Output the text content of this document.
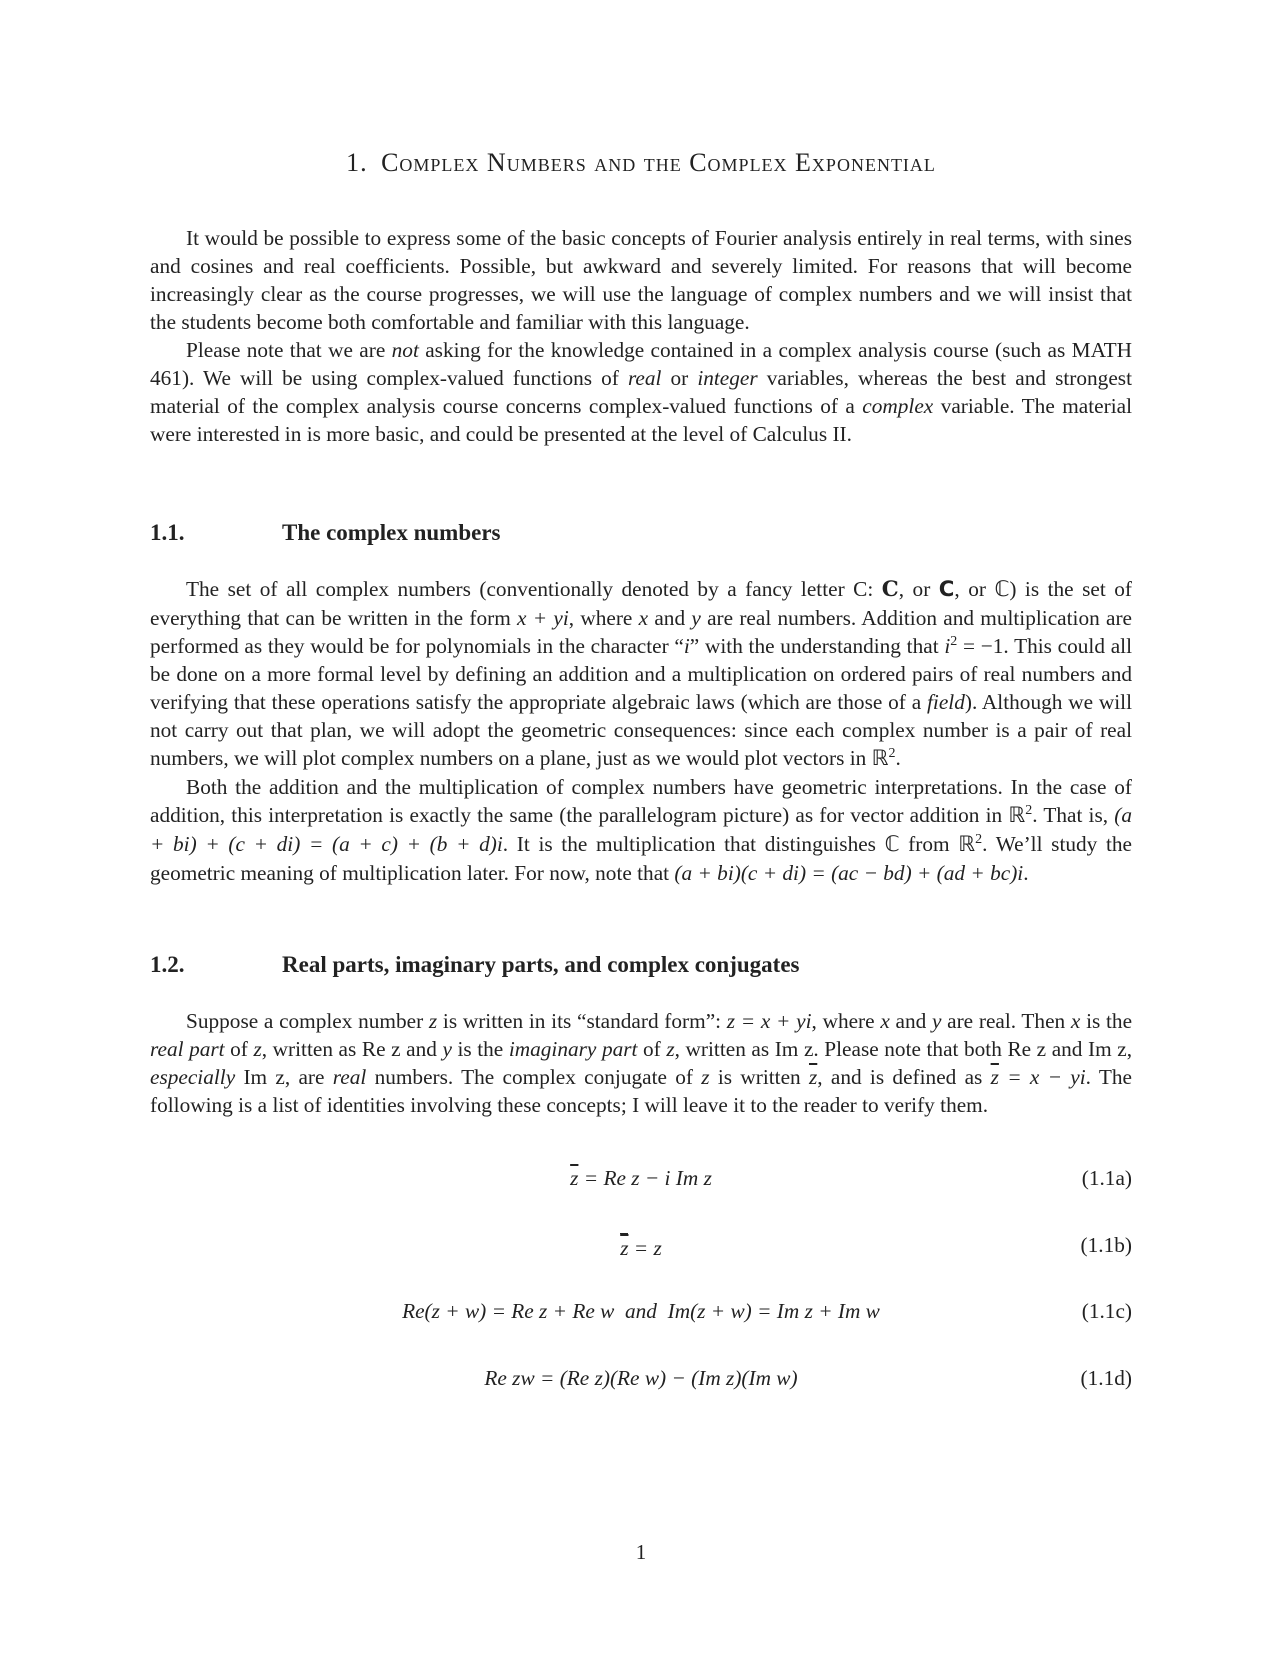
1. Complex Numbers and the Complex Exponential

It would be possible to express some of the basic concepts of Fourier analysis entirely in real terms, with sines and cosines and real coefficients. Possible, but awkward and severely limited. For reasons that will become increasingly clear as the course progresses, we will use the language of complex numbers and we will insist that the students become both comfortable and familiar with this language.

Please note that we are not asking for the knowledge contained in a complex analysis course (such as MATH 461). We will be using complex-valued functions of real or integer variables, whereas the best and strongest material of the complex analysis course concerns complex-valued functions of a complex variable. The material were interested in is more basic, and could be presented at the level of Calculus II.

1.1.	The complex numbers

The set of all complex numbers (conventionally denoted by a fancy letter C: C, or C, or ℂ) is the set of everything that can be written in the form x + yi, where x and y are real numbers. Addition and multiplication are performed as they would be for polynomials in the character “i” with the understanding that $i^2 = -1$. This could all be done on a more formal level by defining an addition and a multiplication on ordered pairs of real numbers and verifying that these operations satisfy the appropriate algebraic laws (which are those of a field). Although we will not carry out that plan, we will adopt the geometric consequences: since each complex number is a pair of real numbers, we will plot complex numbers on a plane, just as we would plot vectors in ℝ$^2$.

Both the addition and the multiplication of complex numbers have geometric interpretations. In the case of addition, this interpretation is exactly the same (the parallelogram picture) as for vector addition in ℝ$^2$. That is, (a + bi) + (c + di) = (a + c) + (b + d)i. It is the multiplication that distinguishes ℂ from ℝ$^2$. We’ll study the geometric meaning of multiplication later. For now, note that (a + bi)(c + di) = (ac − bd) + (ad + bc)i.

1.2.	Real parts, imaginary parts, and complex conjugates

Suppose a complex number z is written in its “standard form”: z = x + yi, where x and y are real. Then x is the real part of z, written as Re z and y is the imaginary part of z, written as Im z. Please note that both Re z and Im z, especially Im z, are real numbers. The complex conjugate of z is written $\overline{z}$, and is defined as $\overline{z} = x$ − yi. The following is a list of identities involving these concepts; I will leave it to the reader to verify them.

$\overline{z} = Re$ z − i Im z	(1.1a)
$\overline{z} = z$	(1.1b)
Re(z + w) = Re z + Re w  and  Im(z + w) = Im z + Im w	(1.1c)
Re zw = (Re z)(Re w) − (Im z)(Im w)	(1.1d)
1
